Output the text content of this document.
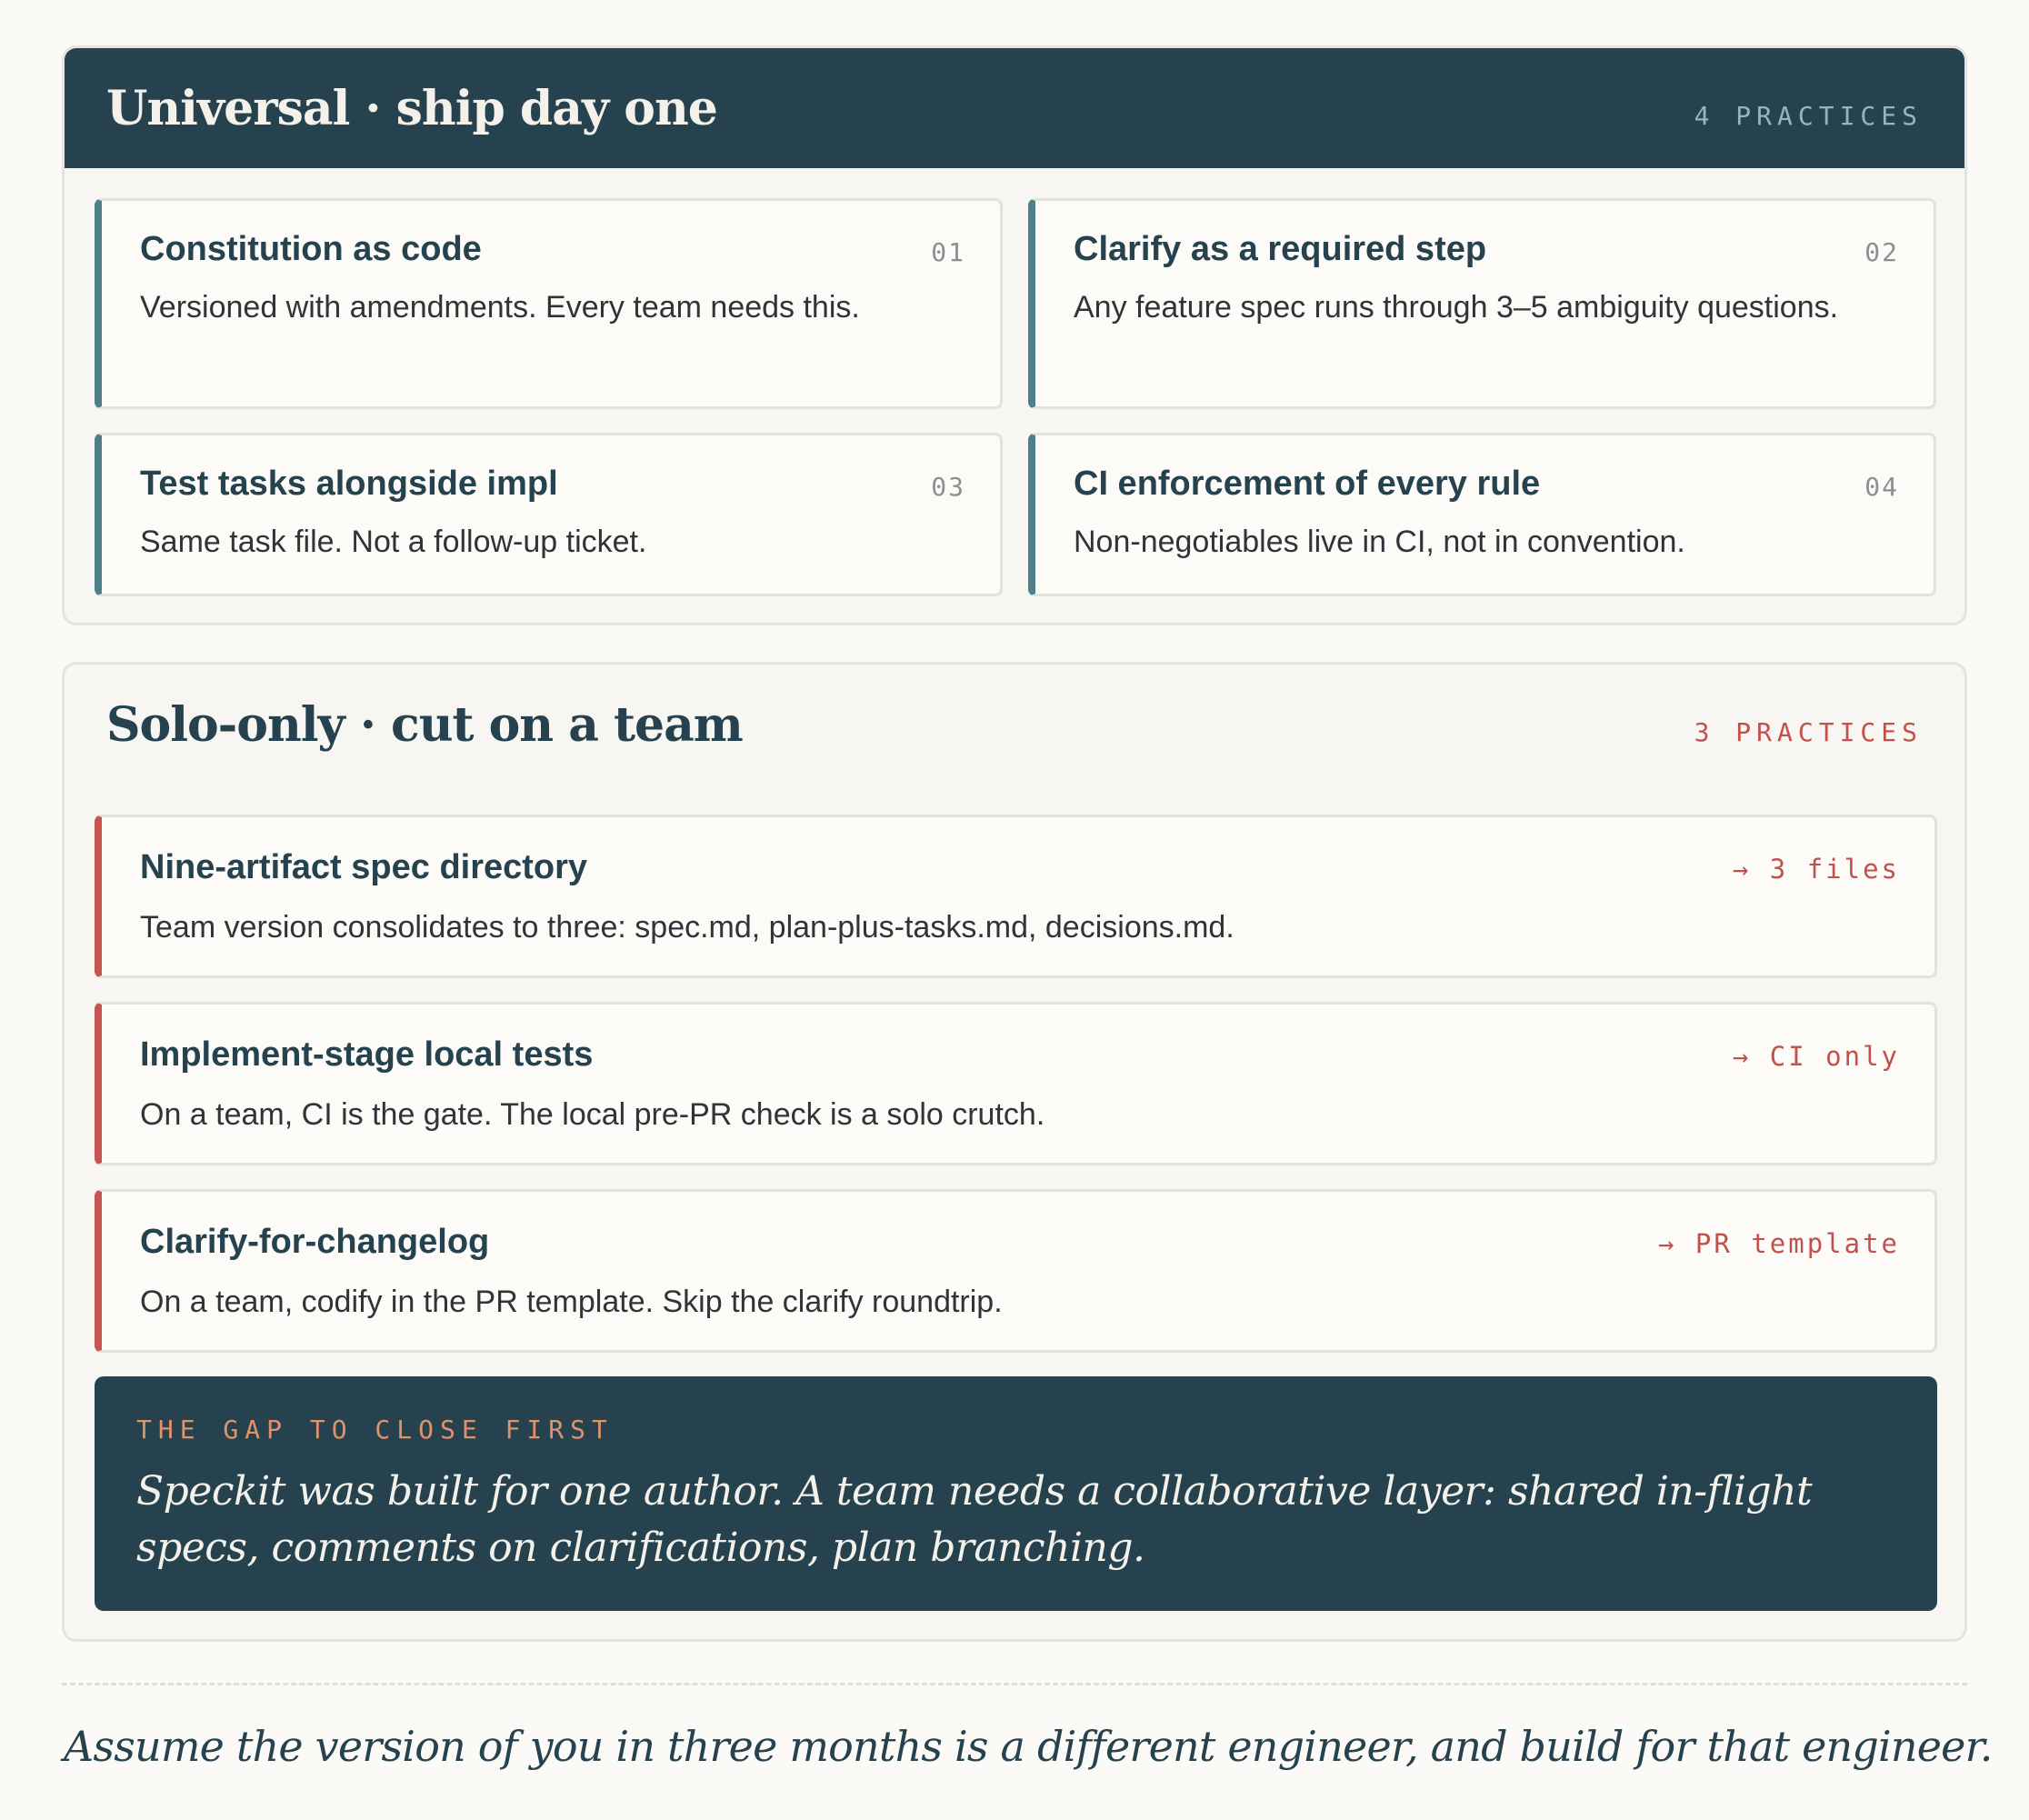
Universal · ship day one	4 PRACTICES
Constitution as code	01
Versioned with amendments. Every team needs this.
Clarify as a required step	02
Any feature spec runs through 3–5 ambiguity questions.
Test tasks alongside impl	03
Same task file. Not a follow-up ticket.
CI enforcement of every rule	04
Non-negotiables live in CI, not in convention.
Solo-only · cut on a team	3 PRACTICES
Nine-artifact spec directory	→ 3 files
Team version consolidates to three: spec.md, plan-plus-tasks.md, decisions.md.
Implement-stage local tests	→ CI only
On a team, CI is the gate. The local pre-PR check is a solo crutch.
Clarify-for-changelog	→ PR template
On a team, codify in the PR template. Skip the clarify roundtrip.
THE GAP TO CLOSE FIRST
Speckit was built for one author. A team needs a collaborative layer: shared in-flight specs, comments on clarifications, plan branching.

Assume the version of you in three months is a different engineer, and build for that engineer.
